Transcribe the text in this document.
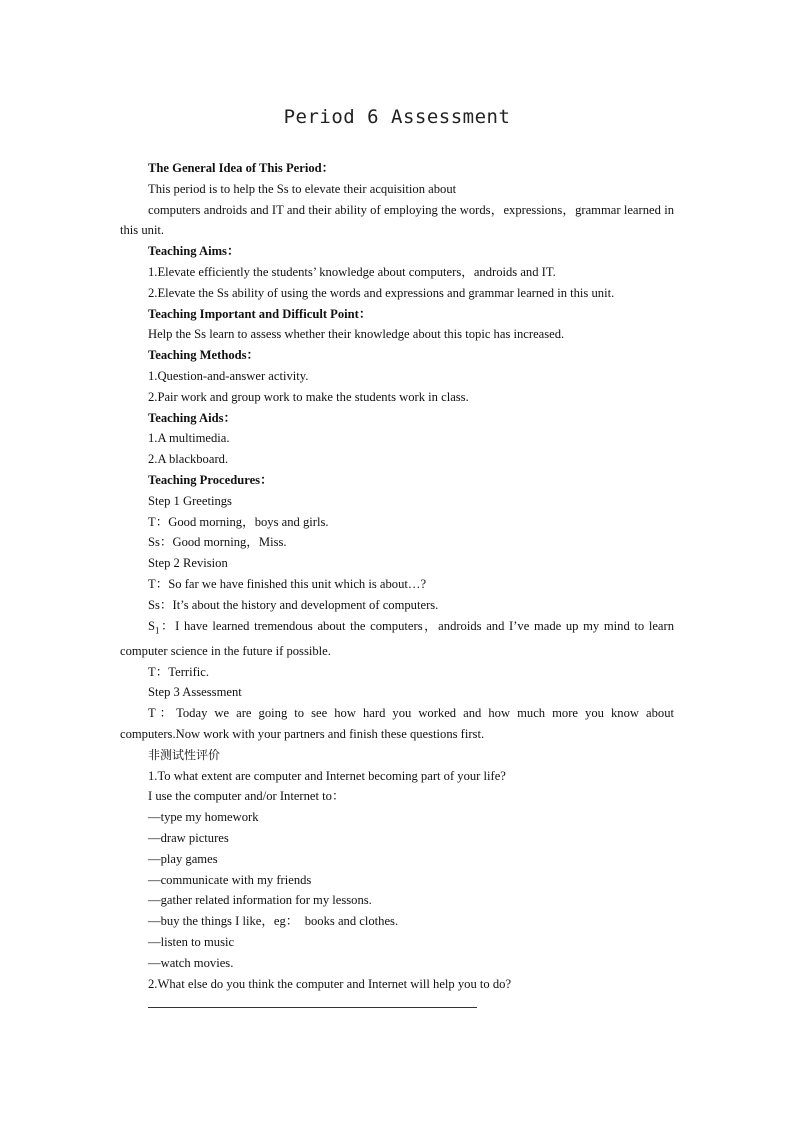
Period 6 Assessment

The General Idea of This Period：

This period is to help the Ss to elevate their acquisition about

computers androids and IT and their ability of employing the words，expressions，grammar learned in this unit.

Teaching Aims：

1.Elevate efficiently the students’ knowledge about computers，androids and IT.

2.Elevate the Ss ability of using the words and expressions and grammar learned in this unit.

Teaching Important and Difficult Point：

Help the Ss learn to assess whether their knowledge about this topic has increased.

Teaching Methods：

1.Question-and-answer activity.

2.Pair work and group work to make the students work in class.

Teaching Aids：

1.A multimedia.

2.A blackboard.

Teaching Procedures：

Step 1 Greetings

T：Good morning，boys and girls.

Ss：Good morning，Miss.

Step 2 Revision

T：So far we have finished this unit which is about…?

Ss：It’s about the history and development of computers.

$S_1$：I have learned tremendous about the computers，androids and I’ve made up my mind to learn computer science in the future if possible.

T：Terrific.

Step 3 Assessment

T：Today we are going to see how hard you worked and how much more you know about computers.Now work with your partners and finish these questions first.

非测试性评价

1.To what extent are computer and Internet becoming part of your life?

I use the computer and/or Internet to：

—type my homework

—draw pictures

—play games

—communicate with my friends

—gather related information for my lessons.

—buy the things I like，eg：  books and clothes.

—listen to music

—watch movies.

2.What else do you think the computer and Internet will help you to do?
